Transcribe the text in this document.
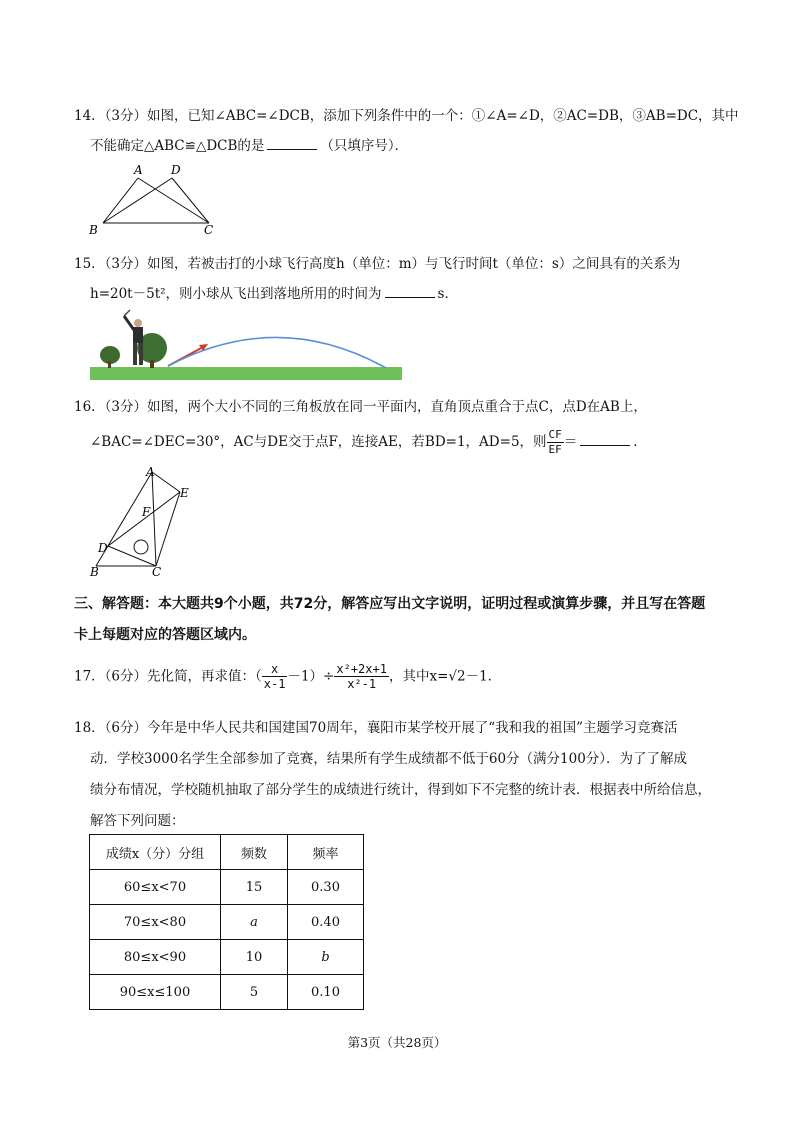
14．（3分）如图，已知∠ABC=∠DCB，添加下列条件中的一个：①∠A=∠D，②AC=DB，③AB=DC，其中
不能确定△ABC≌△DCB的是	（只填序号）．
A D
B	C
15．（3分）如图，若被击打的小球飞行高度h（单位：m）与飞行时间t（单位：s）之间具有的关系为
h=20t－5t²，则小球从飞出到落地所用的时间为	s．
16．（3分）如图，两个大小不同的三角板放在同一平面内，直角顶点重合于点C，点D在AB上，
∠BAC=∠DEC=30°，AC与DE交于点F，连接AE，若BD=1，AD=5，则 $\frac{CF}{EF}$ ＝	．
A
E
F
D
B	C
三、解答题：本大题共9个小题，共72分，解答应写出文字说明，证明过程或演算步骤，并且写在答题
卡上每题对应的答题区域内。
17．（6分）先化简，再求值：（ $\frac{x}{x-1} -1)\div \frac{\text{x²+2x+1}}{\text{x²-1}}$ ，其中x=√2－1．
18．（6分）今年是中华人民共和国建国70周年，襄阳市某学校开展了“我和我的祖国”主题学习竞赛活
动．学校3000名学生全部参加了竞赛，结果所有学生成绩都不低于60分（满分100分）．为了了解成
绩分布情况，学校随机抽取了部分学生的成绩进行统计，得到如下不完整的统计表．根据表中所给信息，
解答下列问题：
成绩x（分）分组	频数	频率
60≤x<70	15	0.30
70≤x<80	a	0.40
80≤x<90	10	b
90≤x≤100	5	0.10
第3页（共28页）
